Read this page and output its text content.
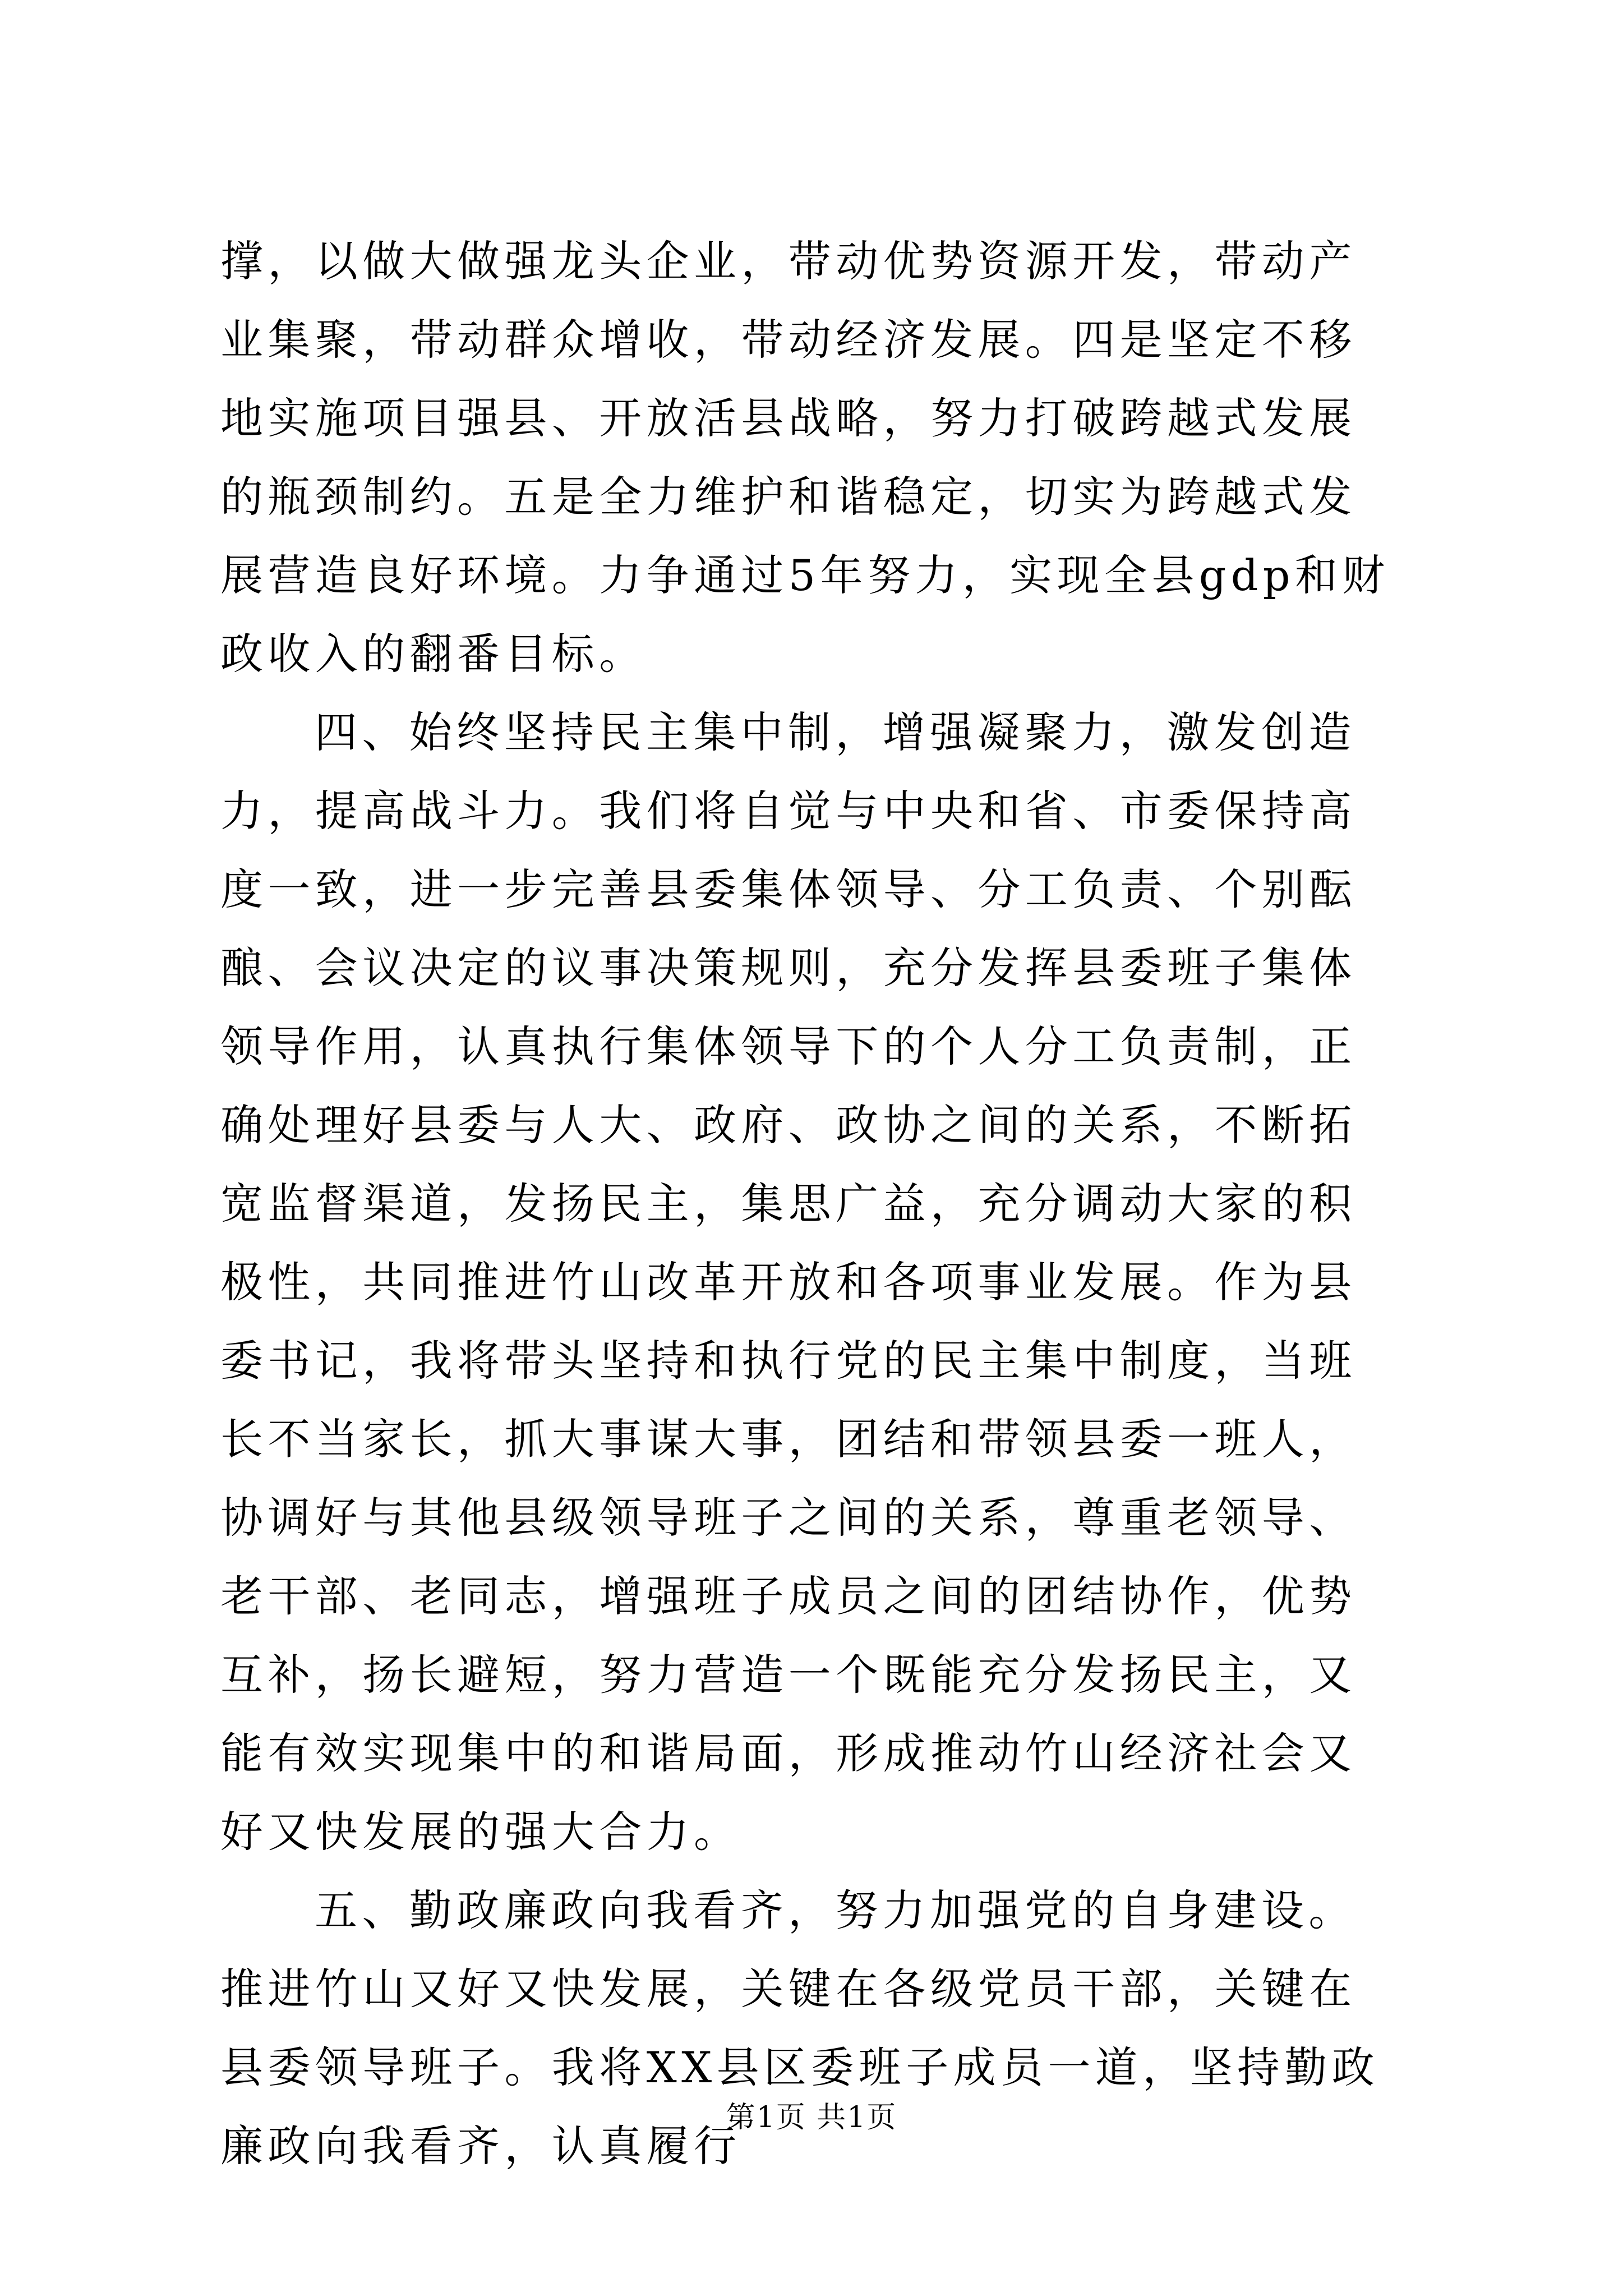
撑，以做大做强龙头企业，带动优势资源开发，带动产业集聚，带动群众增收，带动经济发展。四是坚定不移地实施项目强县、开放活县战略，努力打破跨越式发展的瓶颈制约。五是全力维护和谐稳定，切实为跨越式发展营造良好环境。力争通过5年努力，实现全县gdp和财政收入的翻番目标。

四、始终坚持民主集中制，增强凝聚力，激发创造力，提高战斗力。我们将自觉与中央和省、市委保持高度一致，进一步完善县委集体领导、分工负责、个别酝酿、会议决定的议事决策规则，充分发挥县委班子集体领导作用，认真执行集体领导下的个人分工负责制，正确处理好县委与人大、政府、政协之间的关系，不断拓宽监督渠道，发扬民主，集思广益，充分调动大家的积极性，共同推进竹山改革开放和各项事业发展。作为县委书记，我将带头坚持和执行党的民主集中制度，当班长不当家长，抓大事谋大事，团结和带领县委一班人，协调好与其他县级领导班子之间的关系，尊重老领导、老干部、老同志，增强班子成员之间的团结协作，优势互补，扬长避短，努力营造一个既能充分发扬民主，又能有效实现集中的和谐局面，形成推动竹山经济社会又好又快发展的强大合力。

五、勤政廉政向我看齐，努力加强党的自身建设。推进竹山又好又快发展，关键在各级党员干部，关键在县委领导班子。我将XX县区委班子成员一道，坚持勤政廉政向我看齐，认真履行

第1页 共1页
